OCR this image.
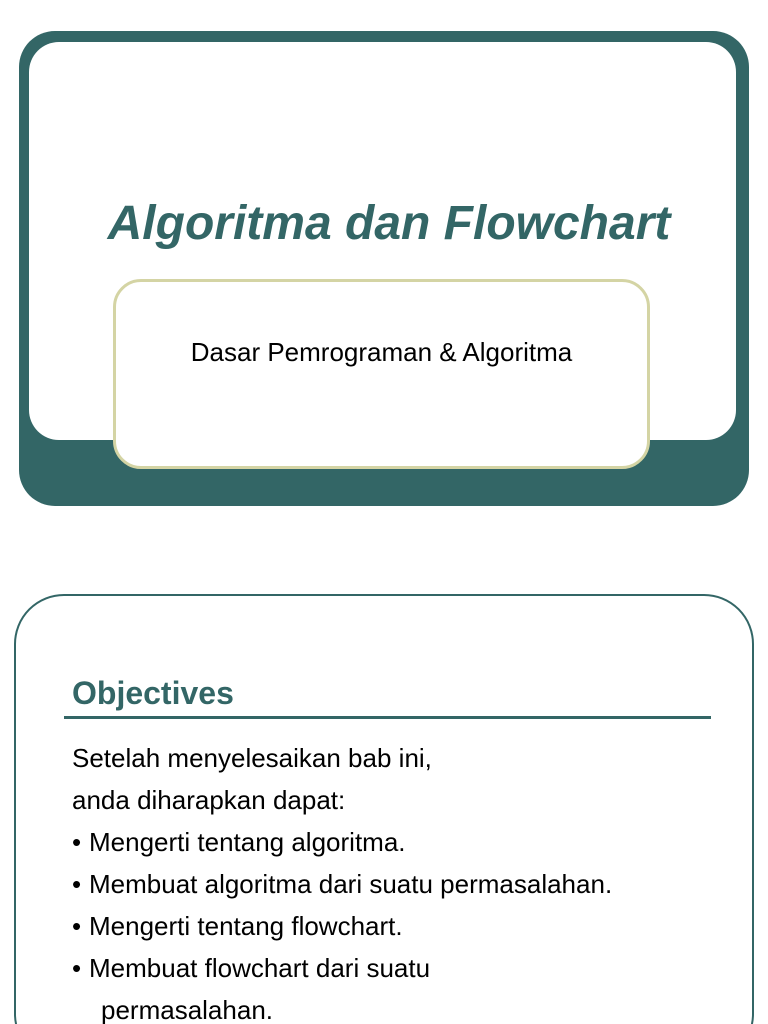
Algoritma dan Flowchart
Dasar Pemrograman & Algoritma
Objectives
Setelah menyelesaikan bab ini,
anda diharapkan dapat:
• Mengerti tentang algoritma.
• Membuat algoritma dari suatu permasalahan.
• Mengerti tentang flowchart.
• Membuat flowchart dari suatu
permasalahan.
